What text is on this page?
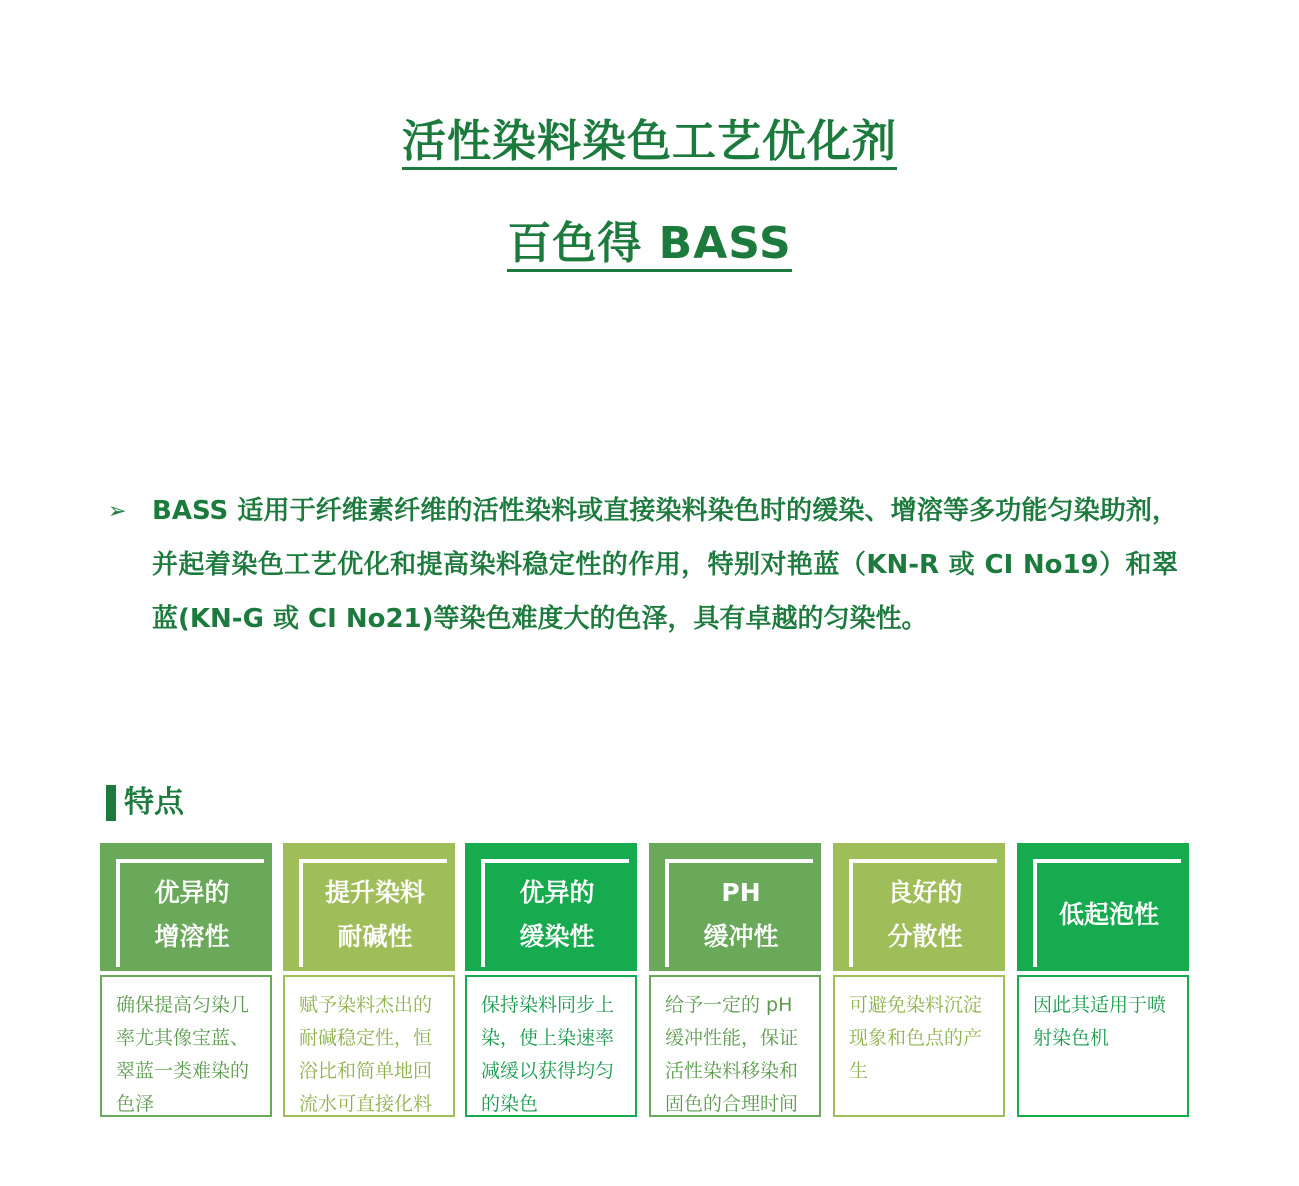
活性染料染色工艺优化剂
百色得 BASS
➢ BASS 适用于纤维素纤维的活性染料或直接染料染色时的缓染、增溶等多功能匀染助剂，并起着染色工艺优化和提高染料稳定性的作用，特别对艳蓝（KN-R 或 CI No19）和翠蓝(KN-G 或 CI No21)等染色难度大的色泽，具有卓越的匀染性。

特点
优异的
增溶性
确保提高匀染几率尤其像宝蓝、翠蓝一类难染的色泽
提升染料
耐碱性
赋予染料杰出的耐碱稳定性，恒浴比和简单地回流水可直接化料
优异的
缓染性
保持染料同步上染，使上染速率减缓以获得均匀的染色
PH
缓冲性
给予一定的 pH 缓冲性能，保证活性染料移染和固色的合理时间
良好的
分散性
可避免染料沉淀现象和色点的产生
低起泡性
因此其适用于喷射染色机
